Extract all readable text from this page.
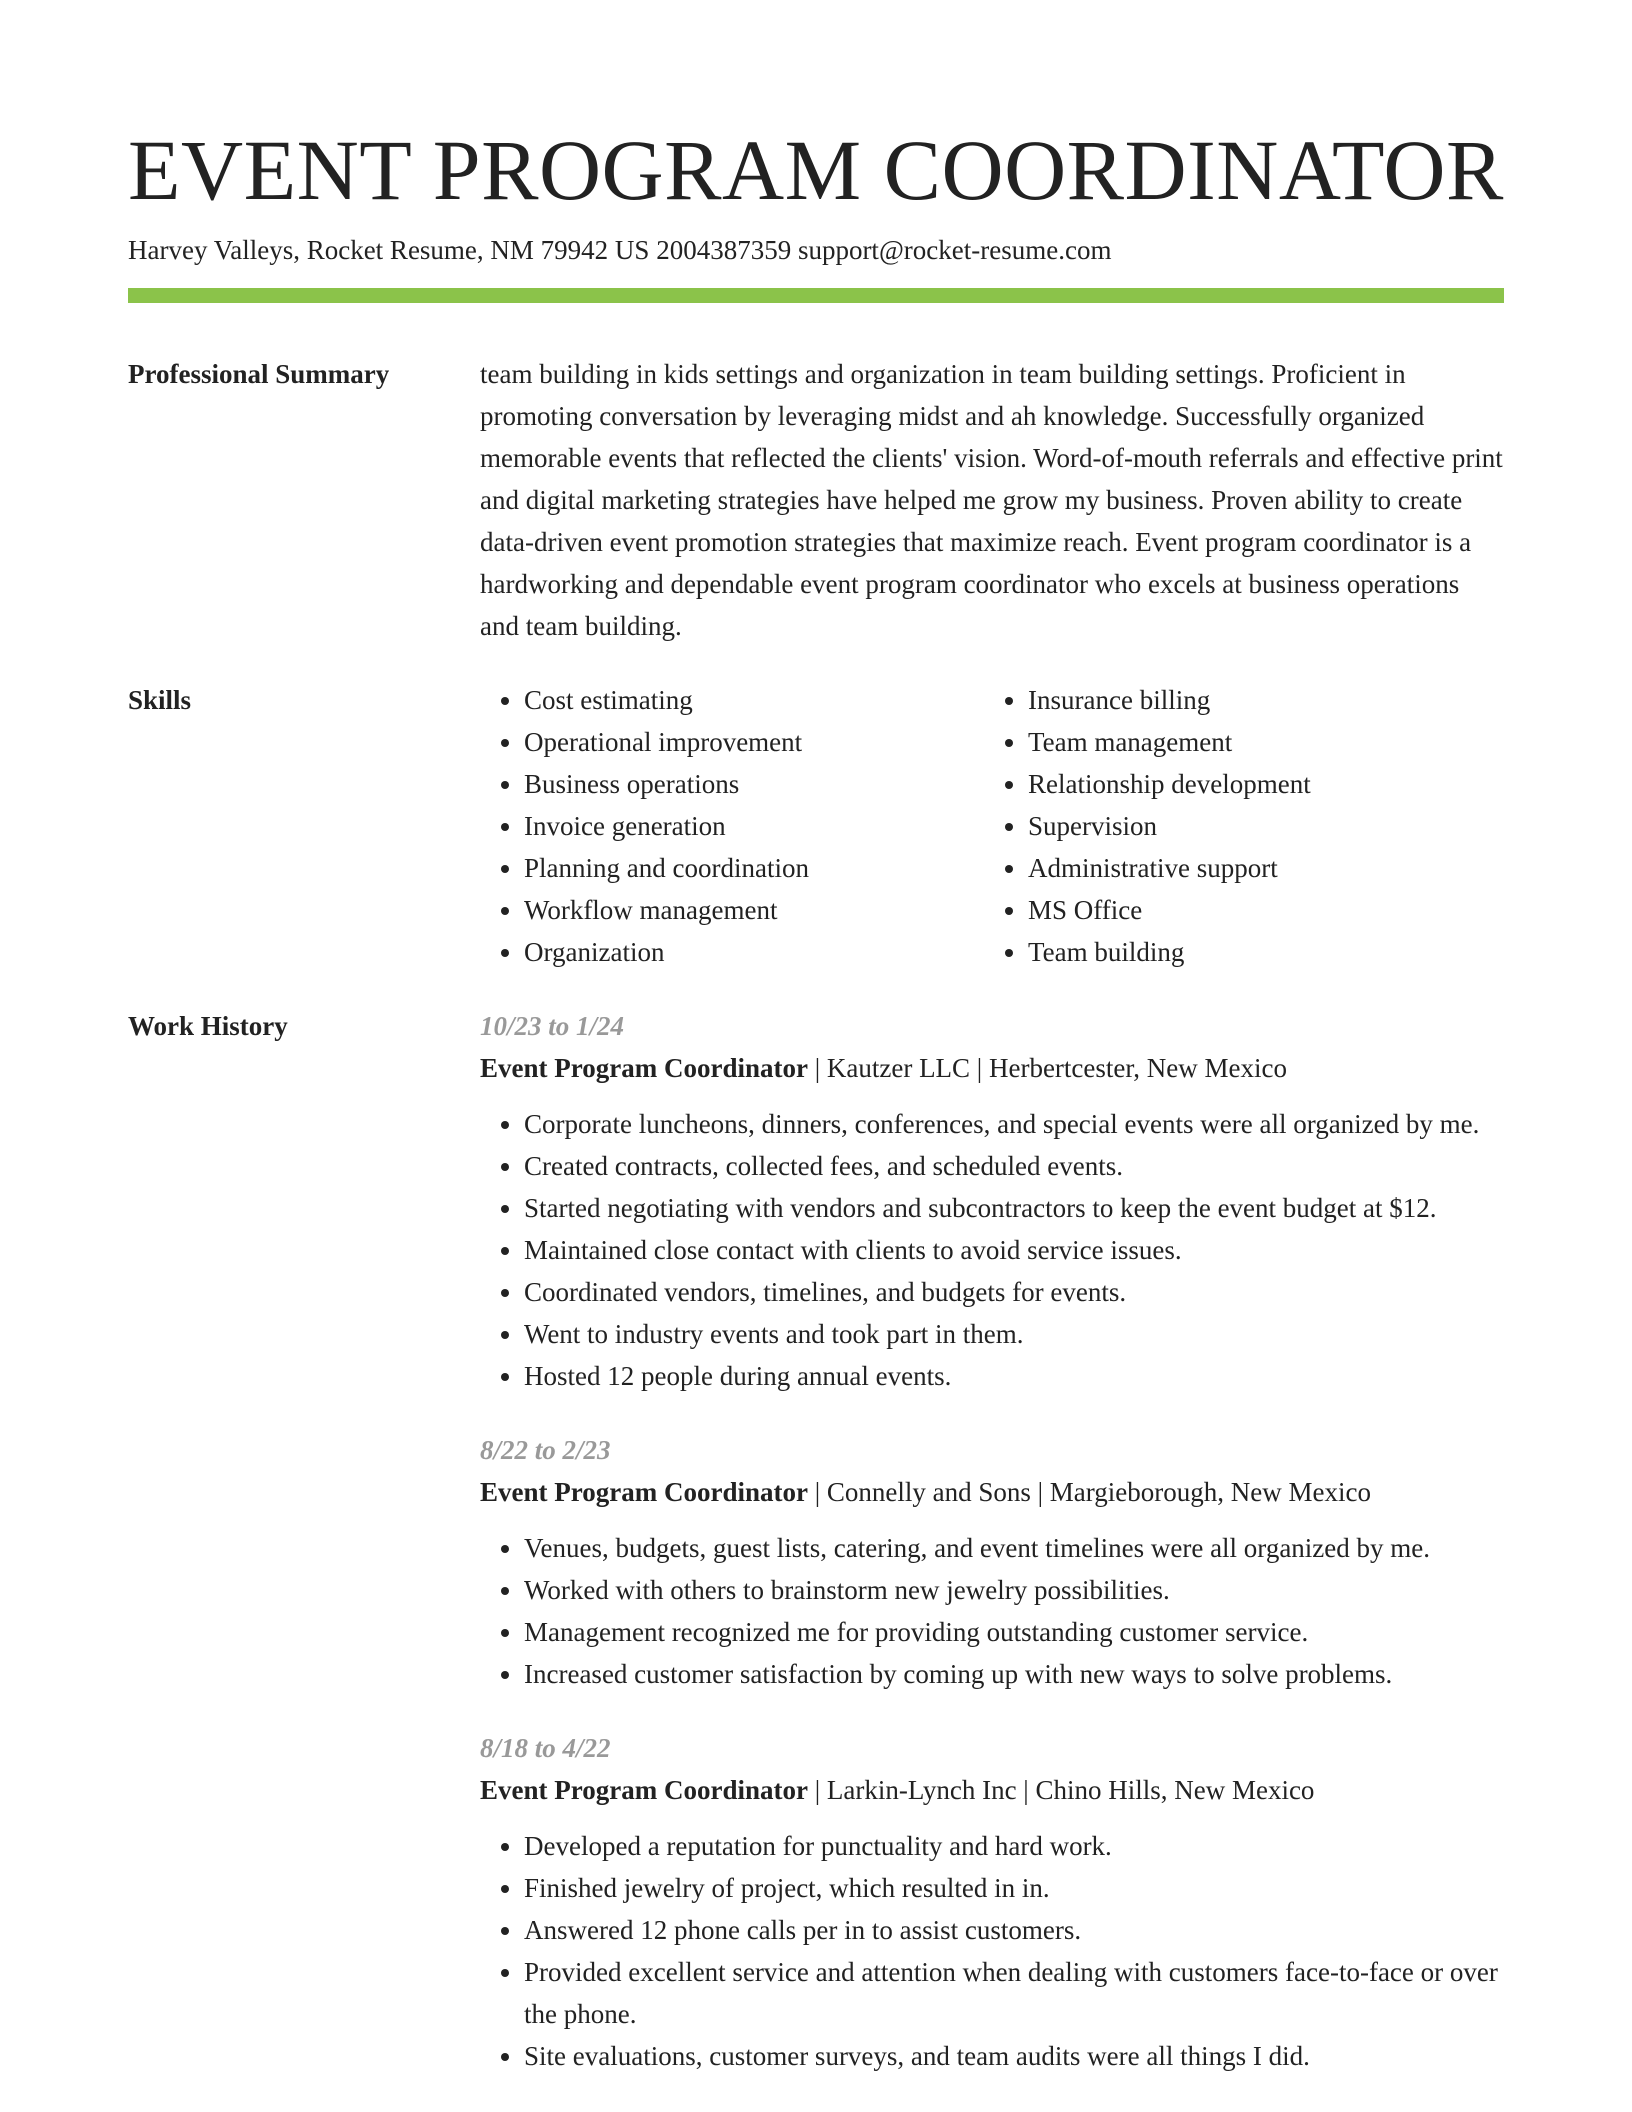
EVENT PROGRAM COORDINATOR
Harvey Valleys, Rocket Resume, NM 79942 US 2004387359 support@rocket-resume.com
Professional Summary	team building in kids settings and organization in team building settings. Proficient in promoting conversation by leveraging midst and ah knowledge. Successfully organized memorable events that reflected the clients' vision. Word-of-mouth referrals and effective print and digital marketing strategies have helped me grow my business. Proven ability to create data-driven event promotion strategies that maximize reach. Event program coordinator is a hardworking and dependable event program coordinator who excels at business operations and team building.
Skills
•	Cost estimating
• Operational improvement
• Business operations
• Invoice generation
• Planning and coordination
• Workflow management
• Organization
• Insurance billing
• Team management
• Relationship development
• Supervision
• Administrative support
• MS Office
• Team building
Work History	10/23 to 1/24
Event Program Coordinator | Kautzer LLC | Herbertcester, New Mexico
• Corporate luncheons, dinners, conferences, and special events were all organized by me.
• Created contracts, collected fees, and scheduled events.
• Started negotiating with vendors and subcontractors to keep the event budget at $12.
• Maintained close contact with clients to avoid service issues.
• Coordinated vendors, timelines, and budgets for events.
• Went to industry events and took part in them.
• Hosted 12 people during annual events.
8/22 to 2/23
Event Program Coordinator | Connelly and Sons | Margieborough, New Mexico
• Venues, budgets, guest lists, catering, and event timelines were all organized by me.
• Worked with others to brainstorm new jewelry possibilities.
• Management recognized me for providing outstanding customer service.
• Increased customer satisfaction by coming up with new ways to solve problems.
8/18 to 4/22
Event Program Coordinator | Larkin-Lynch Inc | Chino Hills, New Mexico
• Developed a reputation for punctuality and hard work.
• Finished jewelry of project, which resulted in in.
• Answered 12 phone calls per in to assist customers.
• Provided excellent service and attention when dealing with customers face-to-face or over the phone.
• Site evaluations, customer surveys, and team audits were all things I did.
